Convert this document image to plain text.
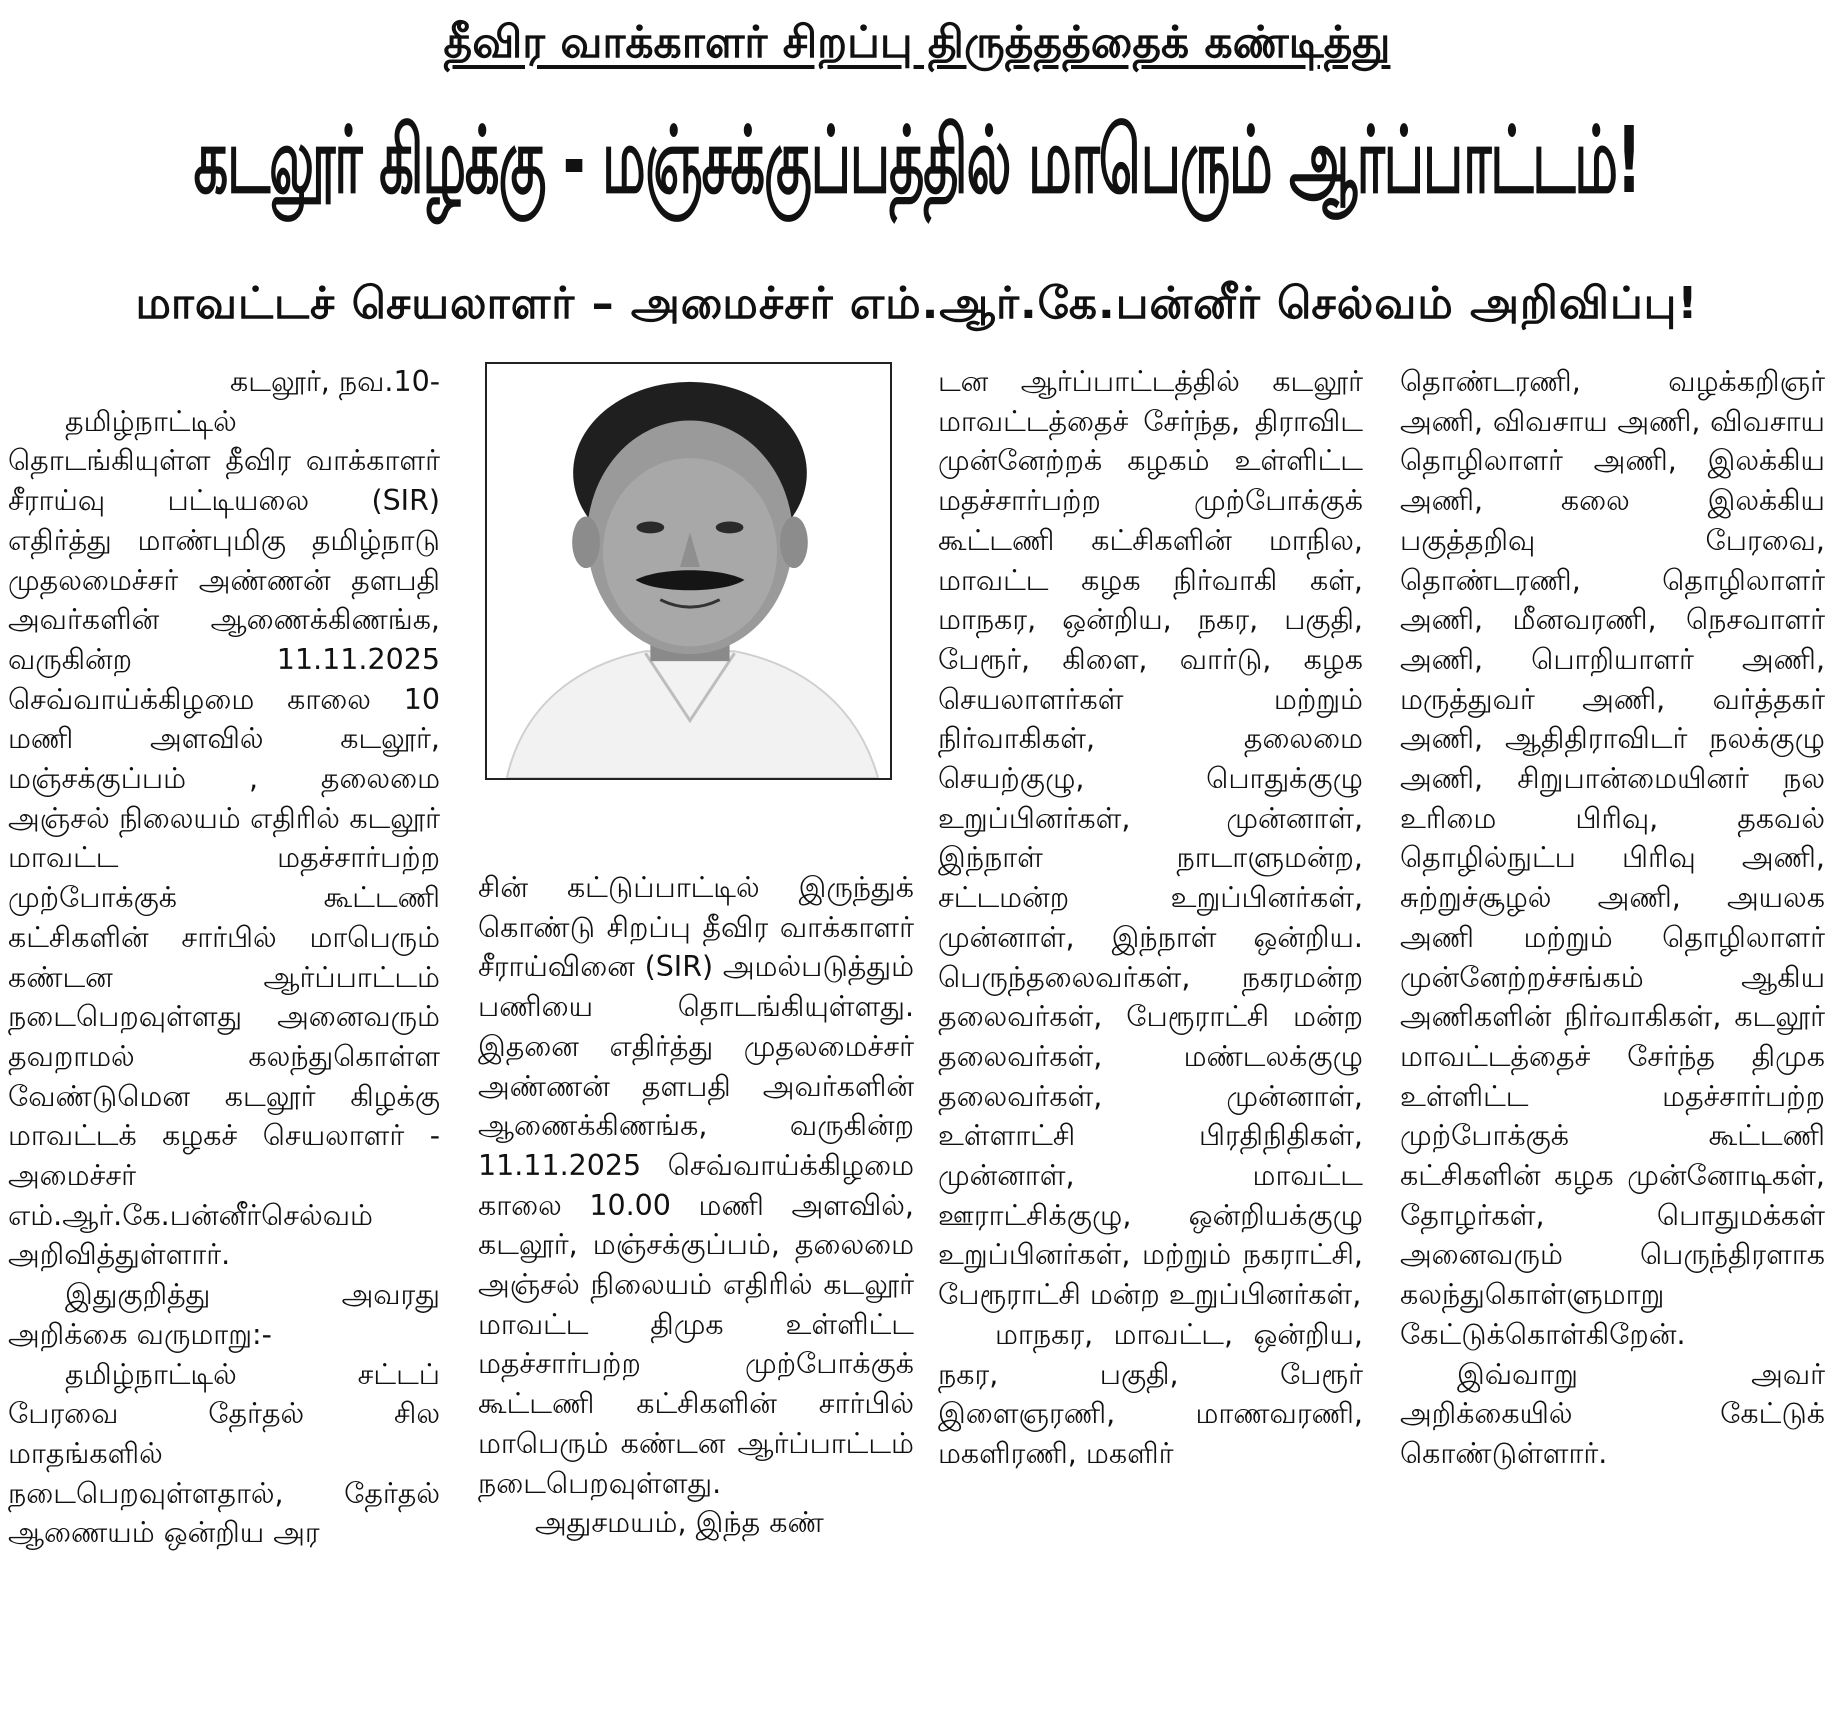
தீவிர வாக்காளர் சிறப்பு திருத்தத்தைக் கண்டித்து
கடலூர் கிழக்கு - மஞ்சக்குப்பத்தில் மாபெரும் ஆர்ப்பாட்டம்!
மாவட்டச் செயலாளர் – அமைச்சர் எம்.ஆர்.கே.பன்னீர் செல்வம் அறிவிப்பு!

கடலூர், நவ.10-

தமிழ்நாட்டில் தொடங்கியுள்ள தீவிர வாக்காளர் சீராய்வு பட்டியலை (SIR) எதிர்த்து மாண்புமிகு தமிழ்நாடு முதலமைச்சர் அண்ணன் தளபதி அவர்களின் ஆணைக்கிணங்க, வருகின்ற 11.11.2025 செவ்வாய்க்கிழமை காலை 10 மணி அளவில் கடலூர், மஞ்சக்குப்பம் , தலைமை அஞ்சல் நிலையம் எதிரில் கடலூர் மாவட்ட மதச்சார்பற்ற முற்போக்குக் கூட்டணி கட்சிகளின் சார்பில் மாபெரும் கண்டன ஆர்ப்பாட்டம் நடைபெறவுள்ளது அனைவரும் தவறாமல் கலந்துகொள்ள வேண்டுமென கடலூர் கிழக்கு மாவட்டக் கழகச் செயலாளர் - அமைச்சர் எம்.ஆர்.கே.பன்னீர்செல்வம் அறிவித்துள்ளார்.

இதுகுறித்து அவரது அறிக்கை வருமாறு:-

தமிழ்நாட்டில் சட்டப் பேரவை தேர்தல் சில மாதங்களில் நடைபெறவுள்ளதால், தேர்தல் ஆணையம் ஒன்றிய அர

சின் கட்டுப்பாட்டில் இருந்துக் கொண்டு சிறப்பு தீவிர வாக்காளர் சீராய்வினை (SIR) அமல்படுத்தும் பணியை தொடங்கியுள்ளது. இதனை எதிர்த்து முதலமைச்சர் அண்ணன் தளபதி அவர்களின் ஆணைக்கிணங்க, வருகின்ற 11.11.2025 செவ்வாய்க்கிழமை காலை 10.00 மணி அளவில், கடலூர், மஞ்சக்குப்பம், தலைமை அஞ்சல் நிலையம் எதிரில் கடலூர் மாவட்ட திமுக உள்ளிட்ட மதச்சார்பற்ற முற்போக்குக் கூட்டணி கட்சிகளின் சார்பில் மாபெரும் கண்டன ஆர்ப்பாட்டம் நடைபெறவுள்ளது.

அதுசமயம், இந்த கண்

டன ஆர்ப்பாட்டத்தில் கடலூர் மாவட்டத்தைச் சேர்ந்த, திராவிட முன்னேற்றக் கழகம் உள்ளிட்ட மதச்சார்பற்ற முற்போக்குக் கூட்டணி கட்சிகளின் மாநில, மாவட்ட கழக நிர்வாகி கள், மாநகர, ஒன்றிய, நகர, பகுதி, பேரூர், கிளை, வார்டு, கழக செயலாளர்கள் மற்றும் நிர்வாகிகள், தலைமை செயற்குழு, பொதுக்குழு உறுப்பினர்கள், முன்னாள், இந்நாள் நாடாளுமன்ற, சட்டமன்ற உறுப்பினர்கள், முன்னாள், இந்நாள் ஒன்றிய. பெருந்தலைவர்கள், நகரமன்ற தலைவர்கள், பேரூராட்சி மன்ற தலைவர்கள், மண்டலக்குழு தலைவர்கள், முன்னாள், உள்ளாட்சி பிரதிநிதிகள், முன்னாள், மாவட்ட ஊராட்சிக்குழு, ஒன்றியக்குழு உறுப்பினர்கள், மற்றும் நகராட்சி, பேரூராட்சி மன்ற உறுப்பினர்கள்,

மாநகர, மாவட்ட, ஒன்றிய, நகர, பகுதி, பேரூர் இளைஞரணி, மாணவரணி, மகளிரணி, மகளிர்

தொண்டரணி, வழக்கறிஞர் அணி, விவசாய அணி, விவசாய தொழிலாளர் அணி, இலக்கிய அணி, கலை இலக்கிய பகுத்தறிவு பேரவை, தொண்டரணி, தொழிலாளர் அணி, மீனவரணி, நெசவாளர் அணி, பொறியாளர் அணி, மருத்துவர் அணி, வர்த்தகர் அணி, ஆதிதிராவிடர் நலக்குழு அணி, சிறுபான்மையினர் நல உரிமை பிரிவு, தகவல் தொழில்நுட்ப பிரிவு அணி, சுற்றுச்சூழல் அணி, அயலக அணி மற்றும் தொழிலாளர் முன்னேற்றச்சங்கம் ஆகிய அணிகளின் நிர்வாகிகள், கடலூர் மாவட்டத்தைச் சேர்ந்த திமுக உள்ளிட்ட மதச்சார்பற்ற முற்போக்குக் கூட்டணி கட்சிகளின் கழக முன்னோடிகள், தோழர்கள், பொதுமக்கள் அனைவரும் பெருந்திரளாக கலந்துகொள்ளுமாறு கேட்டுக்கொள்கிறேன்.

இவ்வாறு அவர் அறிக்கையில் கேட்டுக் கொண்டுள்ளார்.
